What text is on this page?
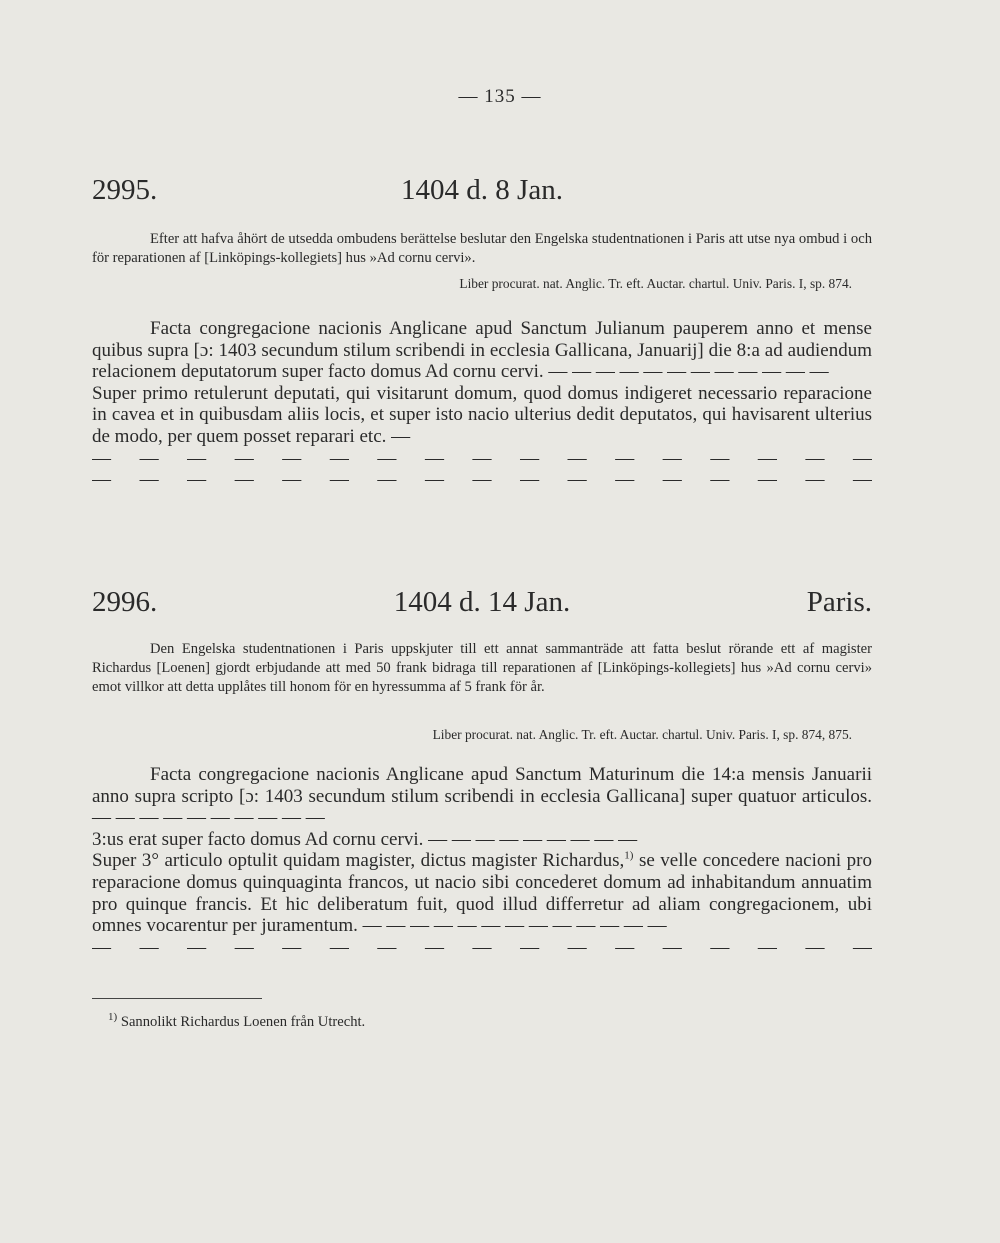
— 135 —
2995.	1404 d. 8 Jan.

Efter att hafva åhört de utsedda ombudens berättelse beslutar den Engelska studentnationen i Paris att utse nya ombud i och för reparationen af [Linköpings-kollegiets] hus »Ad cornu cervi».

Liber procurat. nat. Anglic. Tr. eft. Auctar. chartul. Univ. Paris. I, sp. 874.

Facta congregacione nacionis Anglicane apud Sanctum Julianum pauperem anno et mense quibus supra [ɔ: 1403 secundum stilum scribendi in ecclesia Gallicana, Januarij] die 8:a ad audiendum relacionem deputatorum super facto domus Ad cornu cervi. — — — — — — — — — — — —

Super primo retulerunt deputati, qui visitarunt domum, quod domus indigeret necessario reparacione in cavea et in quibusdam aliis locis, et super isto nacio ulterius dedit deputatos, qui havisarent ulterius de modo, per quem posset reparari etc. —

— — — — — — — — — — — — — — — — —
— — — — — — — — — — — — — — — — —
2996.	1404 d. 14 Jan.	Paris.

Den Engelska studentnationen i Paris uppskjuter till ett annat sammanträde att fatta beslut rörande ett af magister Richardus [Loenen] gjordt erbjudande att med 50 frank bidraga till reparationen af [Linköpings-kollegiets] hus »Ad cornu cervi» emot villkor att detta upplåtes till honom för en hyressumma af 5 frank för år.

Liber procurat. nat. Anglic. Tr. eft. Auctar. chartul. Univ. Paris. I, sp. 874, 875.

Facta congregacione nacionis Anglicane apud Sanctum Maturinum die 14:a mensis Januarii anno supra scripto [ɔ: 1403 secundum stilum scribendi in ecclesia Gallicana] super quatuor articulos. — — — — — — — — — —

3:us erat super facto domus Ad cornu cervi. — — — — — — — — —

Super 3° articulo optulit quidam magister, dictus magister Richardus,$^{1)}$ se velle concedere nacioni pro reparacione domus quinquaginta francos, ut nacio sibi concederet domum ad inhabitandum annuatim pro quinque francis. Et hic deliberatum fuit, quod illud differretur ad aliam congregacionem, ubi omnes vocarentur per juramentum. — — — — — — — — — — — — —

— — — — — — — — — — — — — — — — —
$^{1)}$ Sannolikt Richardus Loenen från Utrecht.
